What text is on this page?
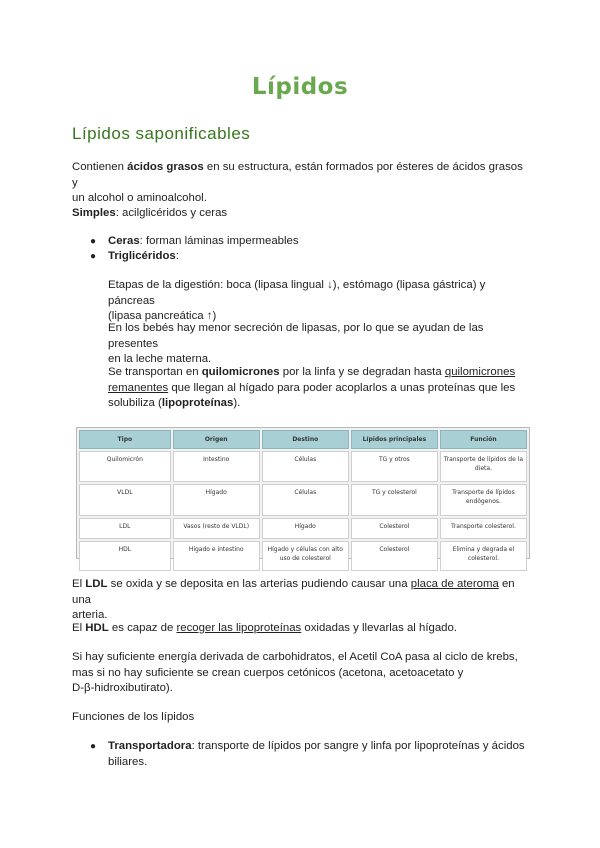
Lípidos
Lípidos saponificables
Contienen ácidos grasos en su estructura, están formados por ésteres de ácidos grasos y
un alcohol o aminoalcohol.
Simples: acilglicéridos y ceras
● Ceras: forman láminas impermeables
● Triglicéridos:
Etapas de la digestión: boca (lipasa lingual ↓), estómago (lipasa gástrica) y páncreas
(lipasa pancreática ↑)
En los bebés hay menor secreción de lipasas, por lo que se ayudan de las presentes
en la leche materna.
Se transportan en quilomicrones por la linfa y se degradan hasta quilomicrones
remanentes que llegan al hígado para poder acoplarlos a unas proteínas que les
solubiliza (lipoproteínas).
Tipo	Origen	Destino	Lípidos principales	Función
Quilomicrón	Intestino	Células	TG y otros	Transporte de lípidos de la dieta.
VLDL	Hígado	Células	TG y colesterol	Transporte de lípidos endógenos.
LDL	Vasos (resto de VLDL)	Hígado	Colesterol	Transporte colesterol.
HDL	Hígado e intestino	Hígado y células con alto uso de colesterol	Colesterol	Elimina y degrada el colesterol.
El LDL se oxida y se deposita en las arterias pudiendo causar una placa de ateroma en una
arteria.
El HDL es capaz de recoger las lipoproteínas oxidadas y llevarlas al hígado.
Si hay suficiente energía derivada de carbohidratos, el Acetil CoA pasa al ciclo de krebs,
mas si no hay suficiente se crean cuerpos cetónicos (acetona, acetoacetato y
D-β-hidroxibutirato).
Funciones de los lípidos
● Transportadora: transporte de lípidos por sangre y linfa por lipoproteínas y ácidos
biliares.
